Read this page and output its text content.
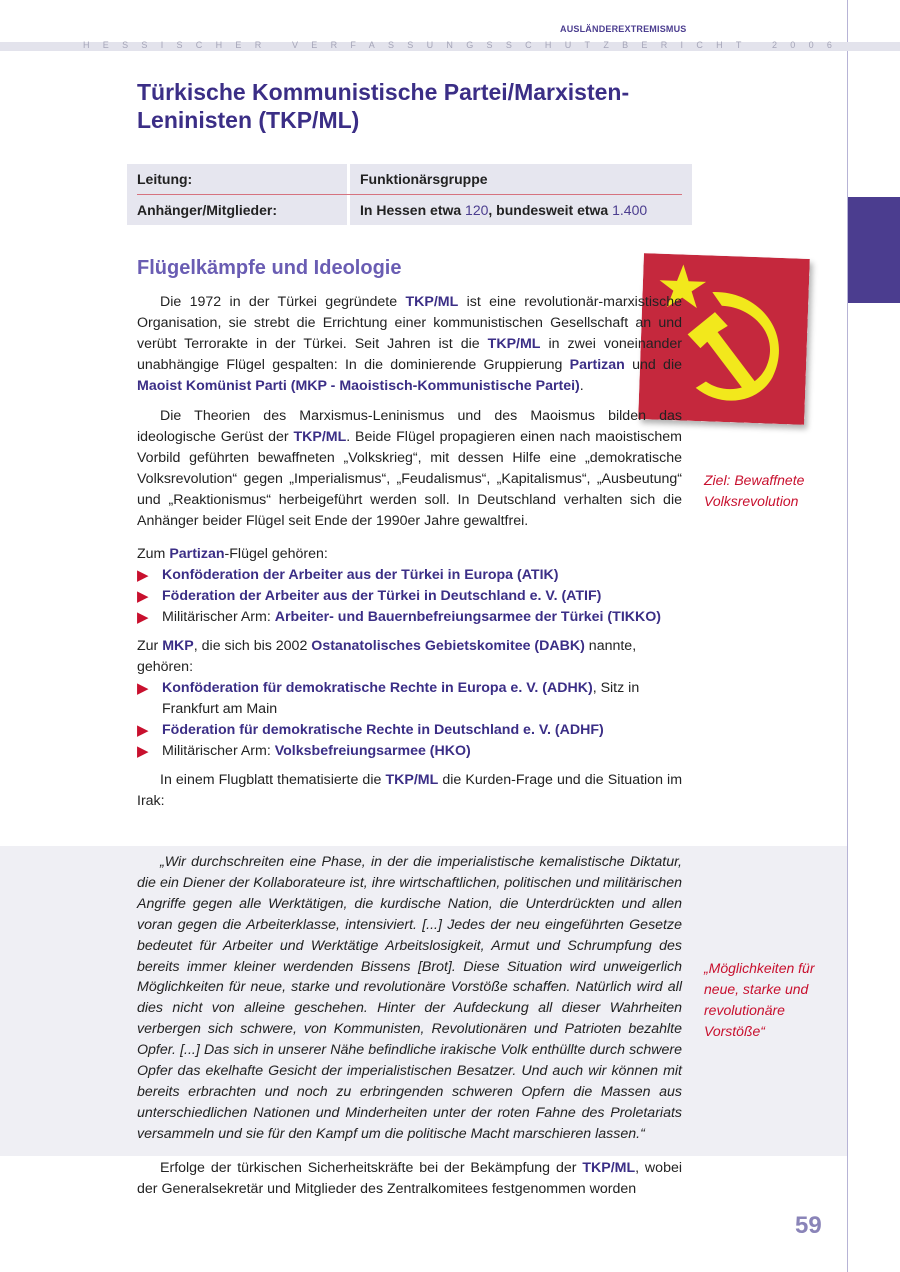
AUSLÄNDEREXTREMISMUS
HESSISCHER VERFASSUNGSSCHUTZBERICHT 2006
Türkische Kommunistische Partei/Marxisten-Leninisten (TKP/ML)
Leitung:	Funktionärsgruppe
Anhänger/Mitglieder:	In Hessen etwa 120 , bundesweit etwa 1.400
Flügelkämpfe und Ideologie

Die 1972 in der Türkei gegründete TKP/ML ist eine revolutionär-marxistische Organisation, sie strebt die Errichtung einer kommunistischen Gesellschaft an und verübt Terrorakte in der Türkei. Seit Jahren ist die TKP/ML in zwei voneinander unabhängige Flügel gespalten: In die dominierende Gruppierung Partizan und die Maoist Komünist Parti (MKP - Maoistisch-Kommunistische Partei).

Die Theorien des Marxismus-Leninismus und des Maoismus bilden das ideologische Gerüst der TKP/ML. Beide Flügel propagieren einen nach maoistischem Vorbild geführten bewaffneten „Volkskrieg“, mit dessen Hilfe eine „demokratische Volksrevolution“ gegen „Imperialismus“, „Feudalismus“, „Kapitalismus“, „Ausbeutung“ und „Reaktionismus“ herbeigeführt werden soll. In Deutschland verhalten sich die Anhänger beider Flügel seit Ende der 1990er Jahre gewaltfrei.

Zum Partizan-Flügel gehören:

▶ Konföderation der Arbeiter aus der Türkei in Europa (ATIK)
▶ Föderation der Arbeiter aus der Türkei in Deutschland e. V. (ATIF)
▶ Militärischer Arm: Arbeiter- und Bauernbefreiungsarmee der Türkei (TIKKO)

Zur MKP, die sich bis 2002 Ostanatolisches Gebietskomitee (DABK) nannte, gehören:

▶ Konföderation für demokratische Rechte in Europa e. V. (ADHK), Sitz in Frankfurt am Main
▶ Föderation für demokratische Rechte in Deutschland e. V. (ADHF)
▶ Militärischer Arm: Volksbefreiungsarmee (HKO)

In einem Flugblatt thematisierte die TKP/ML die Kurden-Frage und die Situation im Irak:

Ziel: Bewaffnete Volksrevolution
„Wir durchschreiten eine Phase, in der die imperialistische kemalistische Diktatur, die ein Diener der Kollaborateure ist, ihre wirtschaftlichen, politischen und militärischen Angriffe gegen alle Werktätigen, die kurdische Nation, die Unterdrückten und allen voran gegen die Arbeiterklasse, intensiviert. [...] Jedes der neu eingeführten Gesetze bedeutet für Arbeiter und Werktätige Arbeitslosigkeit, Armut und Schrumpfung des bereits immer kleiner werdenden Bissens [Brot]. Diese Situation wird unweigerlich Möglichkeiten für neue, starke und revolutionäre Vorstöße schaffen. Natürlich wird all dies nicht von alleine geschehen. Hinter der Aufdeckung all dieser Wahrheiten verbergen sich schwere, von Kommunisten, Revolutionären und Patrioten bezahlte Opfer. [...] Das sich in unserer Nähe befindliche irakische Volk enthüllte durch schwere Opfer das ekelhafte Gesicht der imperialistischen Besatzer. Und auch wir können mit bereits erbrachten und noch zu erbringenden schweren Opfern die Massen aus unterschiedlichen Nationen und Minderheiten unter der roten Fahne des Proletariats versammeln und sie für den Kampf um die politische Macht marschieren lassen.“
„Möglichkeiten für neue, starke und revolutionäre Vorstöße“

Erfolge der türkischen Sicherheitskräfte bei der Bekämpfung der TKP/ML, wobei der Generalsekretär und Mitglieder des Zentralkomitees festgenommen worden

59
